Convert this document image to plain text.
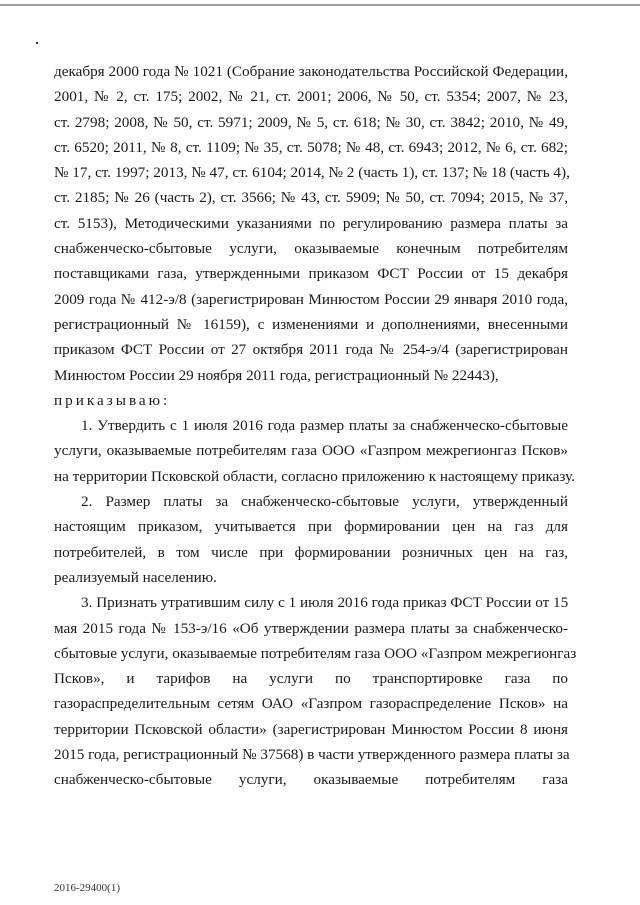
декабря 2000 года № 1021 (Собрание законодательства Российской Федерации,
2001, № 2, ст. 175; 2002, № 21, ст. 2001; 2006, № 50, ст. 5354; 2007, № 23,
ст. 2798; 2008, № 50, ст. 5971; 2009, № 5, ст. 618; № 30, ст. 3842; 2010, № 49,
ст. 6520; 2011, № 8, ст. 1109; № 35, ст. 5078; № 48, ст. 6943; 2012, № 6, ст. 682;
№ 17, ст. 1997; 2013, № 47, ст. 6104; 2014, № 2 (часть 1), ст. 137; № 18 (часть 4),
ст. 2185; № 26 (часть 2), ст. 3566; № 43, ст. 5909; № 50, ст. 7094; 2015, № 37,
ст. 5153), Методическими указаниями по регулированию размера платы за
снабженческо-сбытовые услуги, оказываемые конечным потребителям
поставщиками газа, утвержденными приказом ФСТ России от 15 декабря
2009 года № 412-э/8 (зарегистрирован Минюстом России 29 января 2010 года,
регистрационный № 16159), с изменениями и дополнениями, внесенными
приказом ФСТ России от 27 октября 2011 года № 254-э/4 (зарегистрирован
Минюстом России 29 ноября 2011 года, регистрационный № 22443),
приказываю:
1. Утвердить с 1 июля 2016 года размер платы за снабженческо-сбытовые
услуги, оказываемые потребителям газа ООО «Газпром межрегионгаз Псков»
на территории Псковской области, согласно приложению к настоящему приказу.
2. Размер платы за снабженческо-сбытовые услуги, утвержденный
настоящим приказом, учитывается при формировании цен на газ для
потребителей, в том числе при формировании розничных цен на газ,
реализуемый населению.
3. Признать утратившим силу с 1 июля 2016 года приказ ФСТ России от 15
мая 2015 года № 153-э/16 «Об утверждении размера платы за снабженческо-
сбытовые услуги, оказываемые потребителям газа ООО «Газпром межрегионгаз
Псков», и тарифов на услуги по транспортировке газа по
газораспределительным сетям ОАО «Газпром газораспределение Псков» на
территории Псковской области» (зарегистрирован Минюстом России 8 июня
2015 года, регистрационный № 37568) в части утвержденного размера платы за
снабженческо-сбытовые услуги, оказываемые потребителям газа
2016-29400(1)
